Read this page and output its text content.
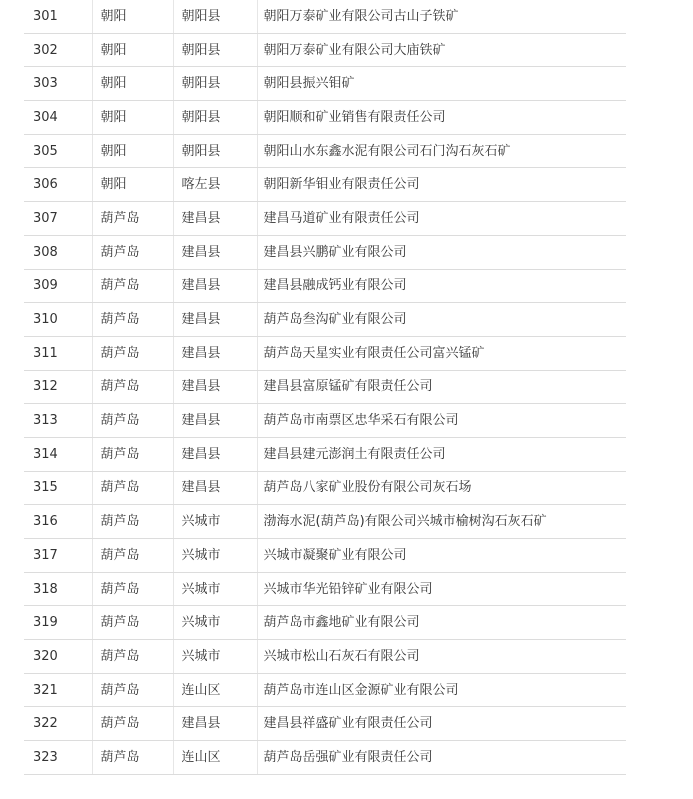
301	朝阳	朝阳县	朝阳万泰矿业有限公司古山子铁矿
302	朝阳	朝阳县	朝阳万泰矿业有限公司大庙铁矿
303	朝阳	朝阳县	朝阳县振兴钼矿
304	朝阳	朝阳县	朝阳顺和矿业销售有限责任公司
305	朝阳	朝阳县	朝阳山水东鑫水泥有限公司石门沟石灰石矿
306	朝阳	喀左县	朝阳新华钼业有限责任公司
307	葫芦岛	建昌县	建昌马道矿业有限责任公司
308	葫芦岛	建昌县	建昌县兴鹏矿业有限公司
309	葫芦岛	建昌县	建昌县融成钙业有限公司
310	葫芦岛	建昌县	葫芦岛叁沟矿业有限公司
311	葫芦岛	建昌县	葫芦岛天星实业有限责任公司富兴锰矿
312	葫芦岛	建昌县	建昌县富原锰矿有限责任公司
313	葫芦岛	建昌县	葫芦岛市南票区忠华采石有限公司
314	葫芦岛	建昌县	建昌县建元澎润土有限责任公司
315	葫芦岛	建昌县	葫芦岛八家矿业股份有限公司灰石场
316	葫芦岛	兴城市	渤海水泥(葫芦岛)有限公司兴城市榆树沟石灰石矿
317	葫芦岛	兴城市	兴城市凝聚矿业有限公司
318	葫芦岛	兴城市	兴城市华光铅锌矿业有限公司
319	葫芦岛	兴城市	葫芦岛市鑫地矿业有限公司
320	葫芦岛	兴城市	兴城市松山石灰石有限公司
321	葫芦岛	连山区	葫芦岛市连山区金源矿业有限公司
322	葫芦岛	建昌县	建昌县祥盛矿业有限责任公司
323	葫芦岛	连山区	葫芦岛岳强矿业有限责任公司
